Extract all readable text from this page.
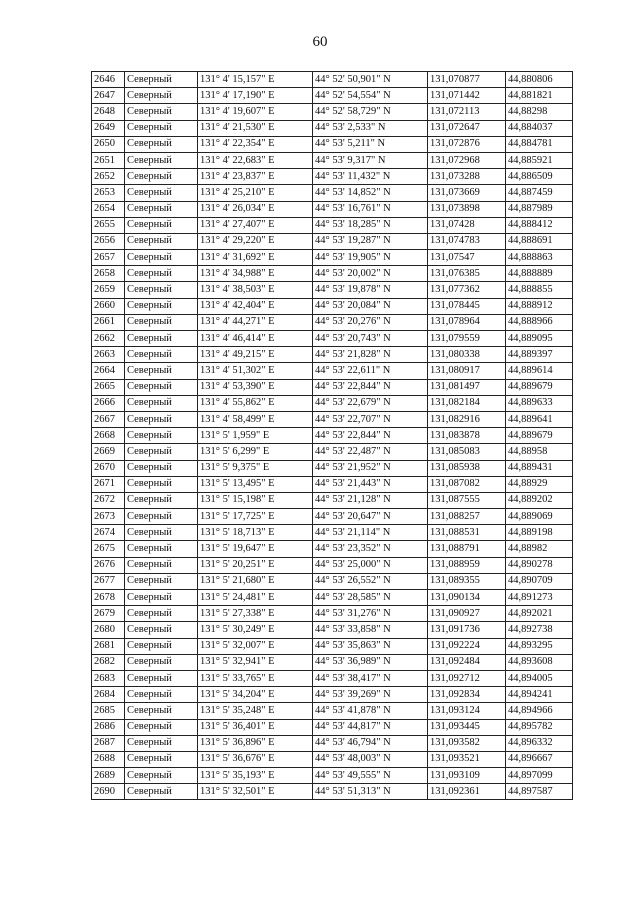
60
2646	Северный	131° 4' 15,157" E	44° 52' 50,901" N	131,070877	44,880806
2647	Северный	131° 4' 17,190" E	44° 52' 54,554" N	131,071442	44,881821
2648	Северный	131° 4' 19,607" E	44° 52' 58,729" N	131,072113	44,88298
2649	Северный	131° 4' 21,530" E	44° 53' 2,533" N	131,072647	44,884037
2650	Северный	131° 4' 22,354" E	44° 53' 5,211" N	131,072876	44,884781
2651	Северный	131° 4' 22,683" E	44° 53' 9,317" N	131,072968	44,885921
2652	Северный	131° 4' 23,837" E	44° 53' 11,432" N	131,073288	44,886509
2653	Северный	131° 4' 25,210" E	44° 53' 14,852" N	131,073669	44,887459
2654	Северный	131° 4' 26,034" E	44° 53' 16,761" N	131,073898	44,887989
2655	Северный	131° 4' 27,407" E	44° 53' 18,285" N	131,07428	44,888412
2656	Северный	131° 4' 29,220" E	44° 53' 19,287" N	131,074783	44,888691
2657	Северный	131° 4' 31,692" E	44° 53' 19,905" N	131,07547	44,888863
2658	Северный	131° 4' 34,988" E	44° 53' 20,002" N	131,076385	44,888889
2659	Северный	131° 4' 38,503" E	44° 53' 19,878" N	131,077362	44,888855
2660	Северный	131° 4' 42,404" E	44° 53' 20,084" N	131,078445	44,888912
2661	Северный	131° 4' 44,271" E	44° 53' 20,276" N	131,078964	44,888966
2662	Северный	131° 4' 46,414" E	44° 53' 20,743" N	131,079559	44,889095
2663	Северный	131° 4' 49,215" E	44° 53' 21,828" N	131,080338	44,889397
2664	Северный	131° 4' 51,302" E	44° 53' 22,611" N	131,080917	44,889614
2665	Северный	131° 4' 53,390" E	44° 53' 22,844" N	131,081497	44,889679
2666	Северный	131° 4' 55,862" E	44° 53' 22,679" N	131,082184	44,889633
2667	Северный	131° 4' 58,499" E	44° 53' 22,707" N	131,082916	44,889641
2668	Северный	131° 5' 1,959" E	44° 53' 22,844" N	131,083878	44,889679
2669	Северный	131° 5' 6,299" E	44° 53' 22,487" N	131,085083	44,88958
2670	Северный	131° 5' 9,375" E	44° 53' 21,952" N	131,085938	44,889431
2671	Северный	131° 5' 13,495" E	44° 53' 21,443" N	131,087082	44,88929
2672	Северный	131° 5' 15,198" E	44° 53' 21,128" N	131,087555	44,889202
2673	Северный	131° 5' 17,725" E	44° 53' 20,647" N	131,088257	44,889069
2674	Северный	131° 5' 18,713" E	44° 53' 21,114" N	131,088531	44,889198
2675	Северный	131° 5' 19,647" E	44° 53' 23,352" N	131,088791	44,88982
2676	Северный	131° 5' 20,251" E	44° 53' 25,000" N	131,088959	44,890278
2677	Северный	131° 5' 21,680" E	44° 53' 26,552" N	131,089355	44,890709
2678	Северный	131° 5' 24,481" E	44° 53' 28,585" N	131,090134	44,891273
2679	Северный	131° 5' 27,338" E	44° 53' 31,276" N	131,090927	44,892021
2680	Северный	131° 5' 30,249" E	44° 53' 33,858" N	131,091736	44,892738
2681	Северный	131° 5' 32,007" E	44° 53' 35,863" N	131,092224	44,893295
2682	Северный	131° 5' 32,941" E	44° 53' 36,989" N	131,092484	44,893608
2683	Северный	131° 5' 33,765" E	44° 53' 38,417" N	131,092712	44,894005
2684	Северный	131° 5' 34,204" E	44° 53' 39,269" N	131,092834	44,894241
2685	Северный	131° 5' 35,248" E	44° 53' 41,878" N	131,093124	44,894966
2686	Северный	131° 5' 36,401" E	44° 53' 44,817" N	131,093445	44,895782
2687	Северный	131° 5' 36,896" E	44° 53' 46,794" N	131,093582	44,896332
2688	Северный	131° 5' 36,676" E	44° 53' 48,003" N	131,093521	44,896667
2689	Северный	131° 5' 35,193" E	44° 53' 49,555" N	131,093109	44,897099
2690	Северный	131° 5' 32,501" E	44° 53' 51,313" N	131,092361	44,897587
